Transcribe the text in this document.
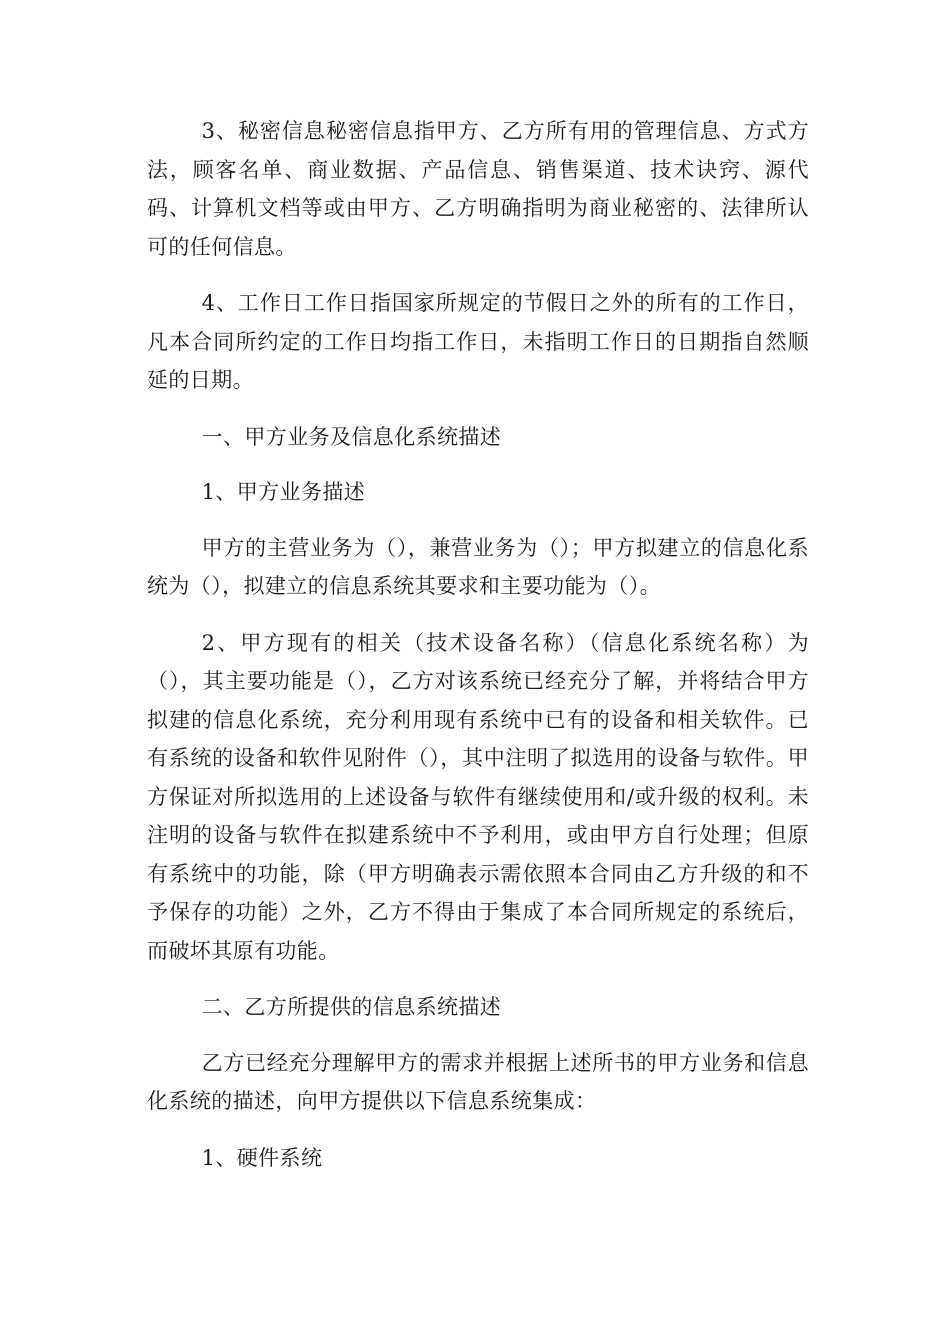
3、秘密信息秘密信息指甲方、乙方所有用的管理信息、方式方法，顾客名单、商业数据、产品信息、销售渠道、技术诀窍、源代码、计算机文档等或由甲方、乙方明确指明为商业秘密的、法律所认可的任何信息。

4、工作日工作日指国家所规定的节假日之外的所有的工作日，凡本合同所约定的工作日均指工作日，未指明工作日的日期指自然顺延的日期。

一、甲方业务及信息化系统描述

1、甲方业务描述

甲方的主营业务为（），兼营业务为（）；甲方拟建立的信息化系统为（），拟建立的信息系统其要求和主要功能为（）。

2、甲方现有的相关（技术设备名称）（信息化系统名称）为（），其主要功能是（），乙方对该系统已经充分了解，并将结合甲方拟建的信息化系统，充分利用现有系统中已有的设备和相关软件。已有系统的设备和软件见附件（），其中注明了拟选用的设备与软件。甲方保证对所拟选用的上述设备与软件有继续使用和/或升级的权利。未注明的设备与软件在拟建系统中不予利用，或由甲方自行处理；但原有系统中的功能，除（甲方明确表示需依照本合同由乙方升级的和不予保存的功能）之外，乙方不得由于集成了本合同所规定的系统后，而破坏其原有功能。

二、乙方所提供的信息系统描述

乙方已经充分理解甲方的需求并根据上述所书的甲方业务和信息化系统的描述，向甲方提供以下信息系统集成：

1、硬件系统
